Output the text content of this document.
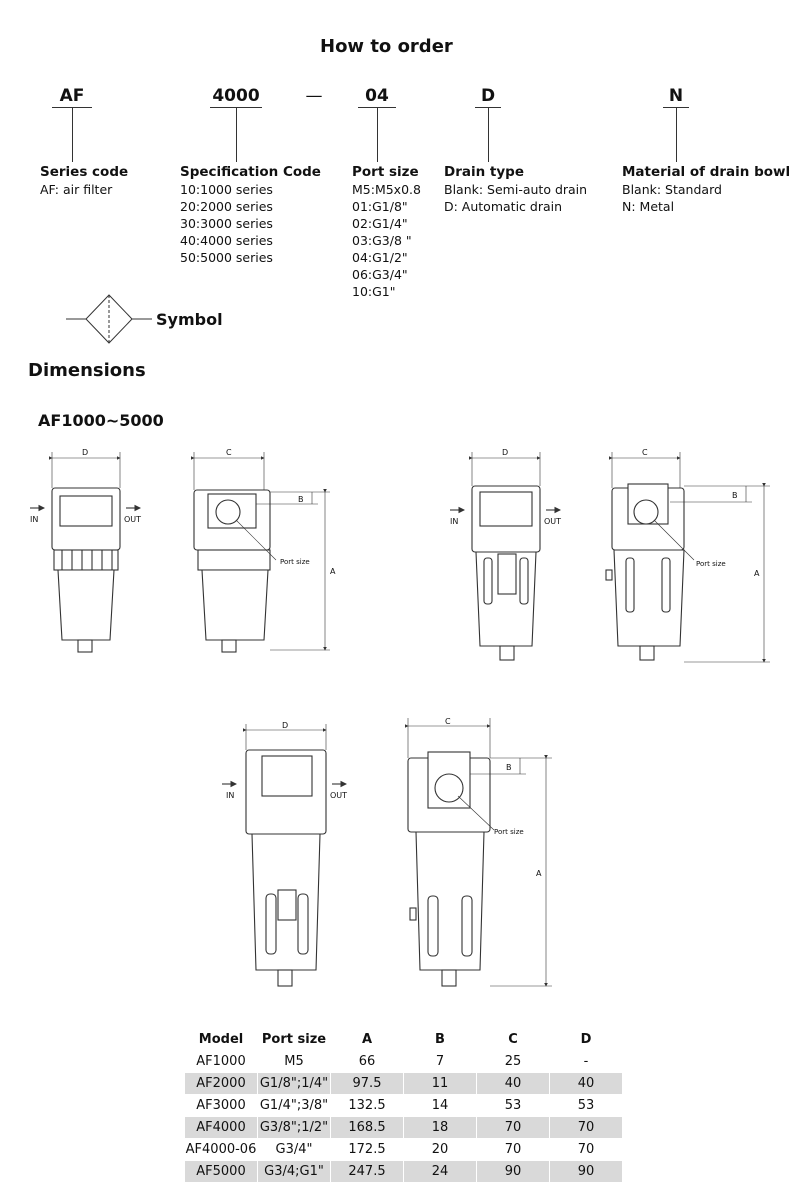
How to order
AF	4000	—	04	D	N
Series code
AF: air filter
Specification Code
10:1000 series
20:2000 series
30:3000 series
40:4000 series
50:5000 series
Port size
M5:M5x0.8
01:G1/8"
02:G1/4"
03:G3/8 "
04:G1/2"
06:G3/4"
10:G1"
Drain type
Blank: Semi-auto drain
D: Automatic drain
Material of drain bowl
Blank: Standard
N: Metal
Symbol
Dimensions
AF1000~5000
D
IN	OUT
C
Port size
A
B
D
IN	OUT
C
Port size
A
B
D
IN	OUT
C
Port size
A
B
Model	Port size	A	B	C	D
AF1000	M5	66	7	25	-
AF2000	G1/8";1/4"	97.5	11	40	40
AF3000	G1/4";3/8"	132.5	14	53	53
AF4000	G3/8";1/2"	168.5	18	70	70
AF4000-06	G3/4"	172.5	20	70	70
AF5000	G3/4;G1"	247.5	24	90	90
